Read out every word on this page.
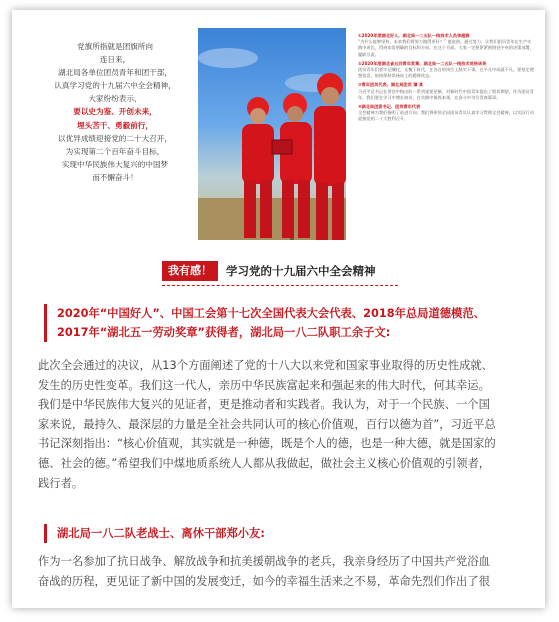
党旗所指就是团旗所向
连日来，
湖北局各单位团员青年和团干部，
认真学习党的十九届六中全会精神，
大家纷纷表示，
要以史为鉴、开创未来，
埋头苦干、勇毅前行，
以优异成绩迎接党的二十大召开，
为实现第二个百年奋斗目标，
实现中华民族伟大复兴的中国梦
而不懈奋斗！
①2020年度湖北好人、湖北局一二五队一线技术人员李超群
“为什么能够坚持，未来我们将努力做得更好？” 他说道。通过努力，让我们团员青年在生产实践中成长，得到非常明确的目标和方向。在这个方面，大家一定要紧紧围绕党中央的决策部署，履职尽责。
②2020年度湖北省五四青年奖章、湖北局一二五队一线技术员杨华英
团员青年们要牢记嘱托，无愧于时代，在各自的岗位上踏实干事，在平凡中成就不凡。要坚定理想信念，始终保持昂扬向上的精神状态。
③青年团员代表、湖北局团员 谭 某
习近平总书记在讲话中指出的一系列重要论断，对新时代中国青年提出了殷切期望。作为团员青年，我们要在学习中增长知识，在实践中锤炼本领，在奋斗中书写青春篇章。
④湖北局团委书记、团员青年代表
全会精神为我们指明了前进方向。我们将带领全局团员青年认真学习贯彻全会精神，以实际行动迎接党的二十大胜利召开。
我有感！	学习党的十九届六中全会精神
2020年“中国好人”、中国工会第十七次全国代表大会代表、2018年总局道德模范、
2017年“湖北五一劳动奖章”获得者，湖北局一八二队职工余子文:
此次全会通过的决议，从13个方面阐述了党的十八大以来党和国家事业取得的历史性成就、
发生的历史性变革。我们这一代人，亲历中华民族富起来和强起来的伟大时代，何其幸运。
我们是中华民族伟大复兴的见证者，更是推动者和实践者。我认为，对于一个民族、一个国
家来说，最持久、最深层的力量是全社会共同认可的核心价值观，百行以德为首”，习近平总
书记深刻指出：“核心价值观，其实就是一种德，既是个人的德，也是一种大德，就是国家的
德、社会的德。”希望我们中煤地质系统人人都从我做起，做社会主义核心价值观的引领者，
践行者。
湖北局一八二队老战士、离休干部郑小友:
作为一名参加了抗日战争、解放战争和抗美援朝战争的老兵，我亲身经历了中国共产党浴血
奋战的历程，更见证了新中国的发展变迁，如今的幸福生活来之不易，革命先烈们作出了很
